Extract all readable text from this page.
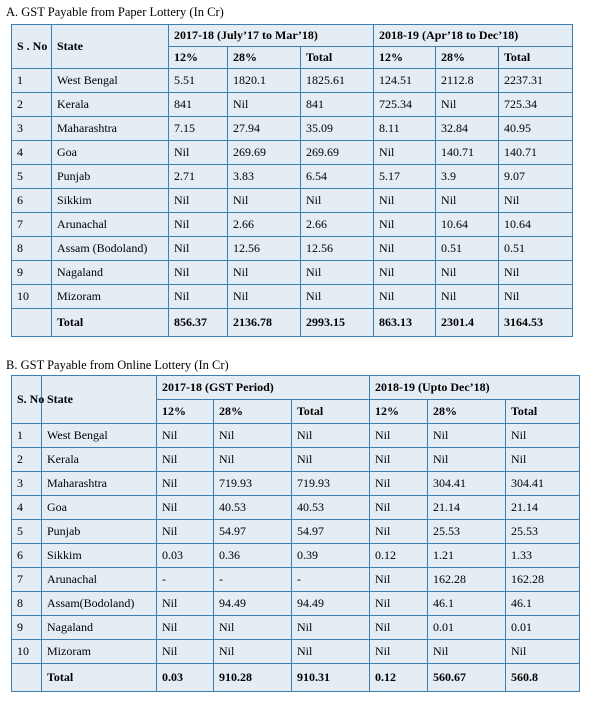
A. GST Payable from Paper Lottery (In Cr)
S . No	State	2017-18 (July’17 to Mar’18)			2018-19 (Apr’18 to Dec’18)		
		12%	28%	Total	12%	28%	Total
1	West Bengal	5.51	1820.1	1825.61	124.51	2112.8	2237.31
2	Kerala	841	Nil	841	725.34	Nil	725.34
3	Maharashtra	7.15	27.94	35.09	8.11	32.84	40.95
4	Goa	Nil	269.69	269.69	Nil	140.71	140.71
5	Punjab	2.71	3.83	6.54	5.17	3.9	9.07
6	Sikkim	Nil	Nil	Nil	Nil	Nil	Nil
7	Arunachal	Nil	2.66	2.66	Nil	10.64	10.64
8	Assam (Bodoland)	Nil	12.56	12.56	Nil	0.51	0.51
9	Nagaland	Nil	Nil	Nil	Nil	Nil	Nil
10	Mizoram	Nil	Nil	Nil	Nil	Nil	Nil
	Total	856.37	2136.78	2993.15	863.13	2301.4	3164.53
B. GST Payable from Online Lottery (In Cr)
S. No	State	2017-18 (GST Period)			2018-19 (Upto Dec’18)		
		12%	28%	Total	12%	28%	Total
1	West Bengal	Nil	Nil	Nil	Nil	Nil	Nil
2	Kerala	Nil	Nil	Nil	Nil	Nil	Nil
3	Maharashtra	Nil	719.93	719.93	Nil	304.41	304.41
4	Goa	Nil	40.53	40.53	Nil	21.14	21.14
5	Punjab	Nil	54.97	54.97	Nil	25.53	25.53
6	Sikkim	0.03	0.36	0.39	0.12	1.21	1.33
7	Arunachal	-	-	-	Nil	162.28	162.28
8	Assam(Bodoland)	Nil	94.49	94.49	Nil	46.1	46.1
9	Nagaland	Nil	Nil	Nil	Nil	0.01	0.01
10	Mizoram	Nil	Nil	Nil	Nil	Nil	Nil
	Total	0.03	910.28	910.31	0.12	560.67	560.8
